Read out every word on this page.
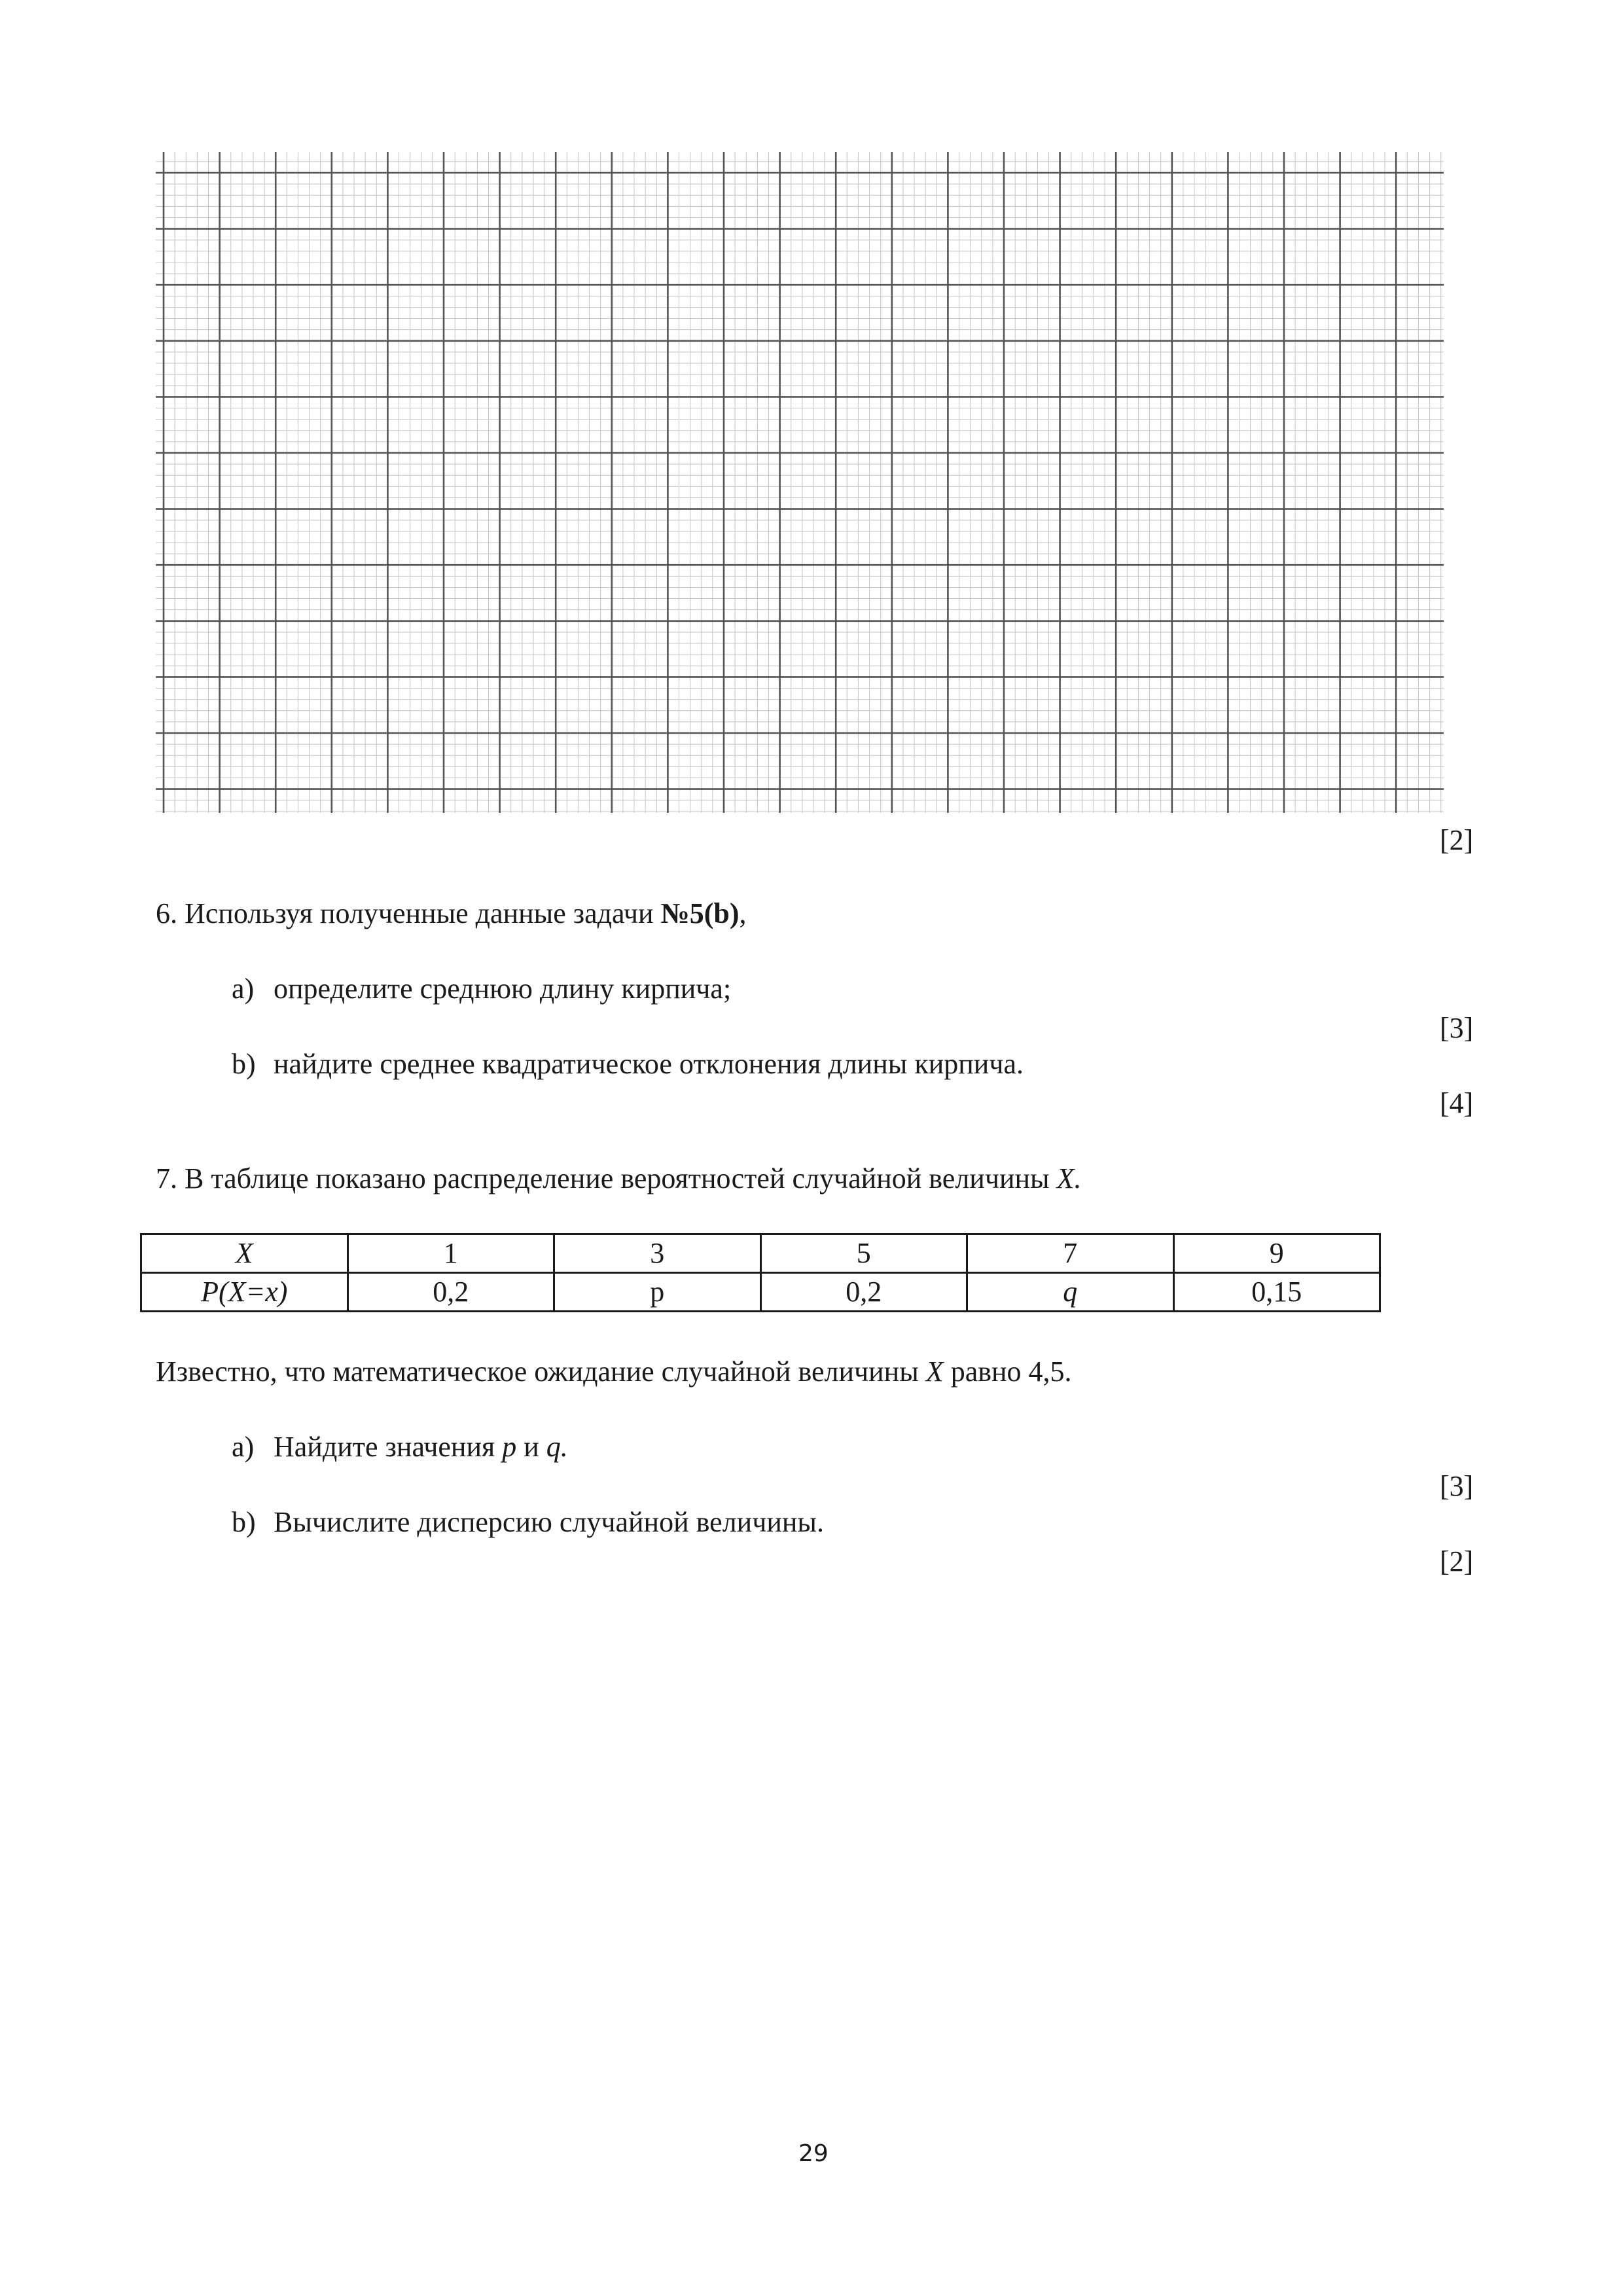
[2]
6. Используя полученные данные задачи №5(b),
a) определите среднюю длину кирпича;
[3]
b) найдите среднее квадратическое отклонения длины кирпича.
[4]
7. В таблице показано распределение вероятностей случайной величины X.
X	1	3	5	7	9
P(X=x)	0,2	p	0,2	q	0,15
Известно, что математическое ожидание случайной величины X равно 4,5.
a) Найдите значения p и q.
[3]
b) Вычислите дисперсию случайной величины.
[2]
29
